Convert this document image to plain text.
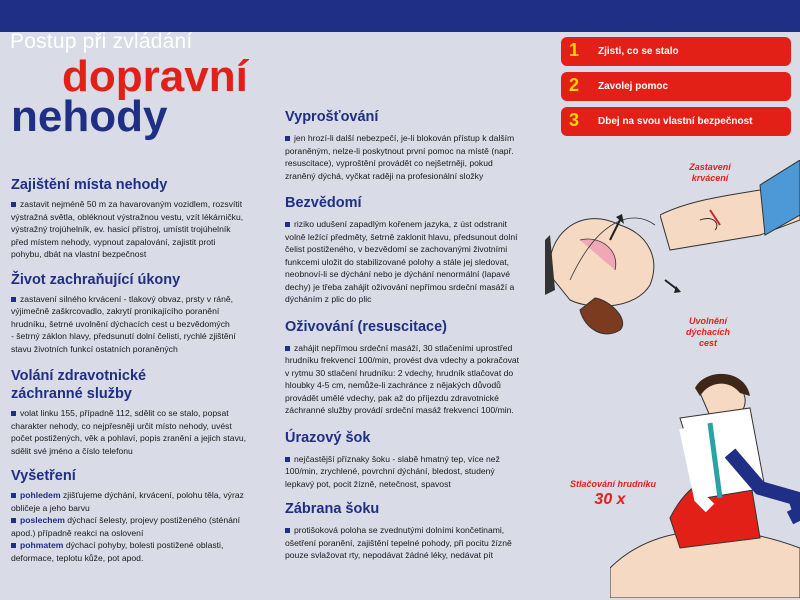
Postup při zvládání
dopravní
nehody
1 Zjisti, co se stalo
2 Zavolej pomoc
3 Dbej na svou vlastní bezpečnost
Zajištění místa nehody

zastavit nejméně 50 m za havarovaným vozidlem, rozsvítit výstražná světla, obléknout výstražnou vestu, vzít lékárničku, výstražný trojúhelník, ev. hasicí přístroj, umístit trojúhelník před místem nehody, vypnout zapalování, zajistit proti pohybu, dbát na vlastní bezpečnost

Život zachraňující úkony

zastavení silného krvácení - tlakový obvaz, prsty v ráně, výjimečně zaškrcovadlo, zakrytí pronikajícího poranění hrudníku, šetrné uvolnění dýchacích cest u bezvědomých

- šetrný záklon hlavy, předsunutí dolní čelisti, rychlé zjištění stavu životních funkcí ostatních poraněných

Volání zdravotnické
záchranné služby

volat linku 155, případně 112, sdělit co se stalo, popsat charakter nehody, co nejpřesněji určit místo nehody, uvést počet postižených, věk a pohlaví, popis zranění a jejich stavu, sdělit své jméno a číslo telefonu

Vyšetření

pohledem zjišťujeme dýchání, krvácení, polohu těla, výraz obličeje a jeho barvu

poslechem dýchací šelesty, projevy postiženého (sténání apod.) případně reakci na oslovení

pohmatem dýchací pohyby, bolesti postižené oblasti, deformace, teplotu kůže, pot apod.

Vyprošťování

jen hrozí-li další nebezpečí, je-li blokován přístup k dalším poraněným, nelze-li poskytnout první pomoc na místě (např. resuscitace), vyproštění provádět co nejšetrněji, pokud zraněný dýchá, vyčkat raději na profesionální složky

Bezvědomí

riziko udušení zapadlým kořenem jazyka, z úst odstranit volně ležící předměty, šetrně zaklonit hlavu, předsunout dolní čelist postiženého, v bezvědomí se zachovanými životními funkcemi uložit do stabilizované polohy a stále jej sledovat, neobnoví-li se dýchání nebo je dýchání nenormální (lapavé dechy) je třeba zahájit oživování nepřímou srdeční masáží a dýcháním z plic do plic

Oživování (resuscitace)

zahájit nepřímou srdeční masáží, 30 stlačeními uprostřed hrudníku frekvencí 100/min, provést dva vdechy a pokračovat v rytmu 30 stlačení hrudníku: 2 vdechy, hrudník stlačovat do hloubky 4-5 cm, nemůže-li zachránce z nějakých důvodů provádět umělé vdechy, pak až do příjezdu zdravotnické záchranné služby provádí srdeční masáž frekvencí 100/min.

Úrazový šok

nejčastější příznaky šoku - slabě hmatný tep, více než 100/min, zrychlené, povrchní dýchání, bledost, studený lepkavý pot, pocit žízně, netečnost, spavost

Zábrana šoku

protišoková poloha se zvednutými dolními končetinami, ošetření poranění, zajištění tepelné pohody, při pocitu žízně pouze svlažovat rty, nepodávat žádné léky, nedávat pít

Zastavení
krvácení
Uvolnění
dýchacích
cest
Stlačování hrudníku
30 x
